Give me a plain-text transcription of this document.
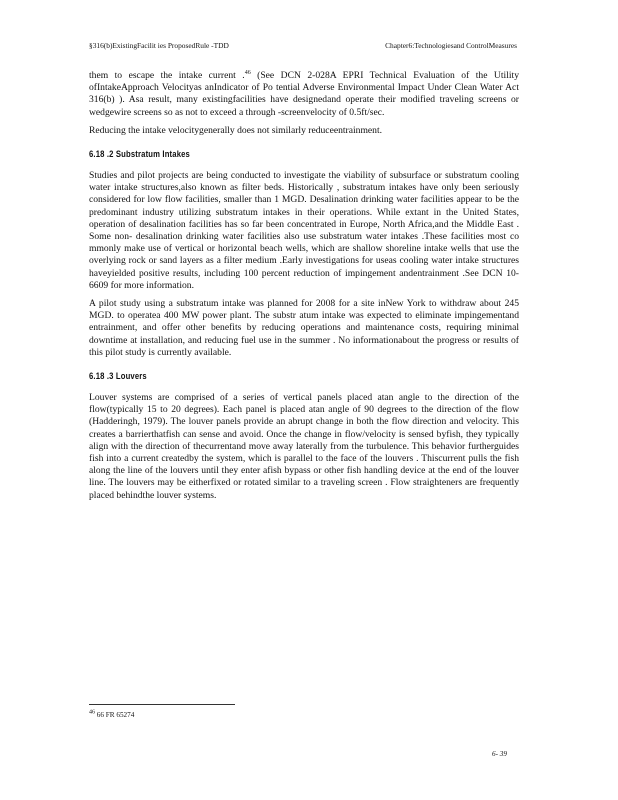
§316(b)ExistingFacilit ies ProposedRule -TDD	Chapter6:Technologiesand ControlMeasures

them to escape the intake current .$^{46}$ (See DCN 2-028A EPRI Technical Evaluation of the Utility ofIntakeApproach Velocityas anIndicator of Po tential Adverse Environmental Impact Under Clean Water Act 316(b) ). Asa result, many existingfacilities have designedand operate their modified traveling screens or wedgewire screens so as not to exceed a through -screenvelocity of 0.5ft/sec.

Reducing the intake velocitygenerally does not similarly reduceentrainment.

6.18 .2 Substratum Intakes

Studies and pilot projects are being conducted to investigate the viability of subsurface or substratum cooling water intake structures,also known as filter beds. Historically , substratum intakes have only been seriously considered for low flow facilities, smaller than 1 MGD. Desalination drinking water facilities appear to be the predominant industry utilizing substratum intakes in their operations. While extant in the United States, operation of desalination facilities has so far been concentrated in Europe, North Africa,and the Middle East . Some non- desalination drinking water facilities also use substratum water intakes .These facilities most co mmonly make use of vertical or horizontal beach wells, which are shallow shoreline intake wells that use the overlying rock or sand layers as a filter medium .Early investigations for useas cooling water intake structures haveyielded positive results, including 100 percent reduction of impingement andentrainment .See DCN 10-6609 for more information.

A pilot study using a substratum intake was planned for 2008 for a site inNew York to withdraw about 245 MGD. to operatea 400 MW power plant. The substr atum intake was expected to eliminate impingementand entrainment, and offer other benefits by reducing operations and maintenance costs, requiring minimal downtime at installation, and reducing fuel use in the summer . No informationabout the progress or results of this pilot study is currently available.

6.18 .3 Louvers

Louver systems are comprised of a series of vertical panels placed atan angle to the direction of the flow(typically 15 to 20 degrees). Each panel is placed atan angle of 90 degrees to the direction of the flow (Hadderingh, 1979). The louver panels provide an abrupt change in both the flow direction and velocity. This creates a barrierthatfish can sense and avoid. Once the change in flow/velocity is sensed byfish, they typically align with the direction of thecurrentand move away laterally from the turbulence. This behavior furtherguides fish into a current createdby the system, which is parallel to the face of the louvers . Thiscurrent pulls the fish along the line of the louvers until they enter afish bypass or other fish handling device at the end of the louver line. The louvers may be eitherfixed or rotated similar to a traveling screen . Flow straighteners are frequently placed behindthe louver systems.

$^{46}$ 66 FR 65274
6- 39
